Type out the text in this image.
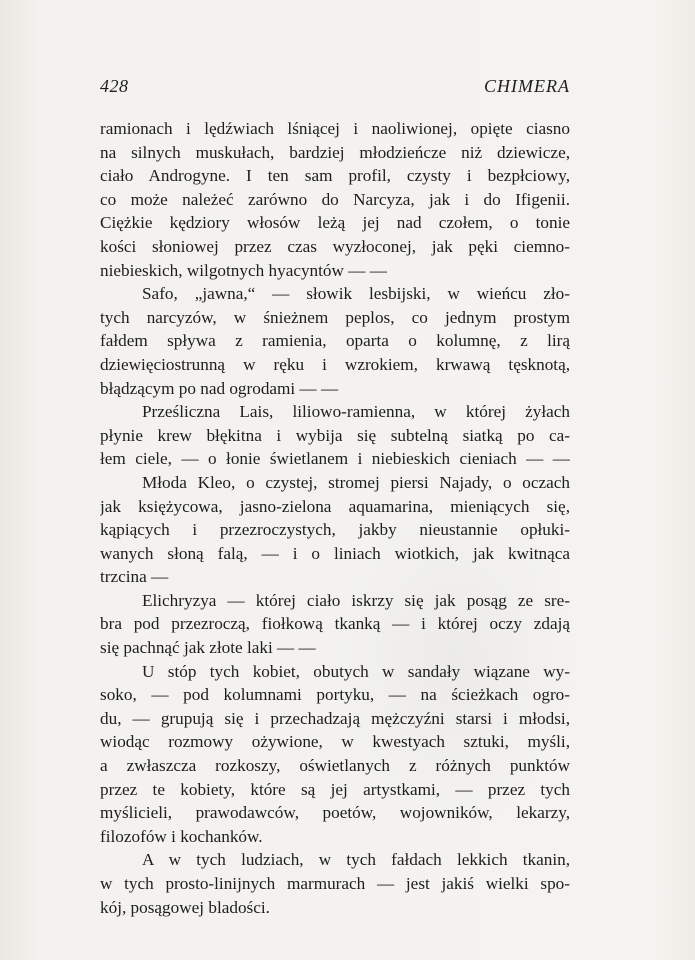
428	CHIMERA
ramionach i lędźwiach lśniącej i naoliwionej, opięte ciasno
na silnych muskułach, bardziej młodzieńcze niż dziewicze,
ciało Androgyne. I ten sam profil, czysty i bezpłciowy,
co może należeć zarówno do Narcyza, jak i do Ifigenii.
Ciężkie kędziory włosów leżą jej nad czołem, o tonie
kości słoniowej przez czas wyzłoconej, jak pęki ciemno-
niebieskich, wilgotnych hyacyntów — —
Safo, „jawna,“ — słowik lesbijski, w wieńcu zło-
tych narcyzów, w śnieżnem peplos, co jednym prostym
fałdem spływa z ramienia, oparta o kolumnę, z lirą
dziewięciostrunną w ręku i wzrokiem, krwawą tęsknotą,
błądzącym po nad ogrodami — —
Prześliczna Lais, liliowo-ramienna, w której żyłach
płynie krew błękitna i wybija się subtelną siatką po ca-
łem ciele, — o łonie świetlanem i niebieskich cieniach — —
Młoda Kleo, o czystej, stromej piersi Najady, o oczach
jak księżycowa, jasno-zielona aquamarina, mieniących się,
kąpiących i przezroczystych, jakby nieustannie opłuki-
wanych słoną falą, — i o liniach wiotkich, jak kwitnąca
trzcina —
Elichryzya — której ciało iskrzy się jak posąg ze sre-
bra pod przezroczą, fiołkową tkanką — i której oczy zdają
się pachnąć jak złote laki — —
U stóp tych kobiet, obutych w sandały wiązane wy-
soko, — pod kolumnami portyku, — na ścieżkach ogro-
du, — grupują się i przechadzają mężczyźni starsi i młodsi,
wiodąc rozmowy ożywione, w kwestyach sztuki, myśli,
a zwłaszcza rozkoszy, oświetlanych z różnych punktów
przez te kobiety, które są jej artystkami, — przez tych
myślicieli, prawodawców, poetów, wojowników, lekarzy,
filozofów i kochanków.
A w tych ludziach, w tych fałdach lekkich tkanin,
w tych prosto-linijnych marmurach — jest jakiś wielki spo-
kój, posągowej bladości.
